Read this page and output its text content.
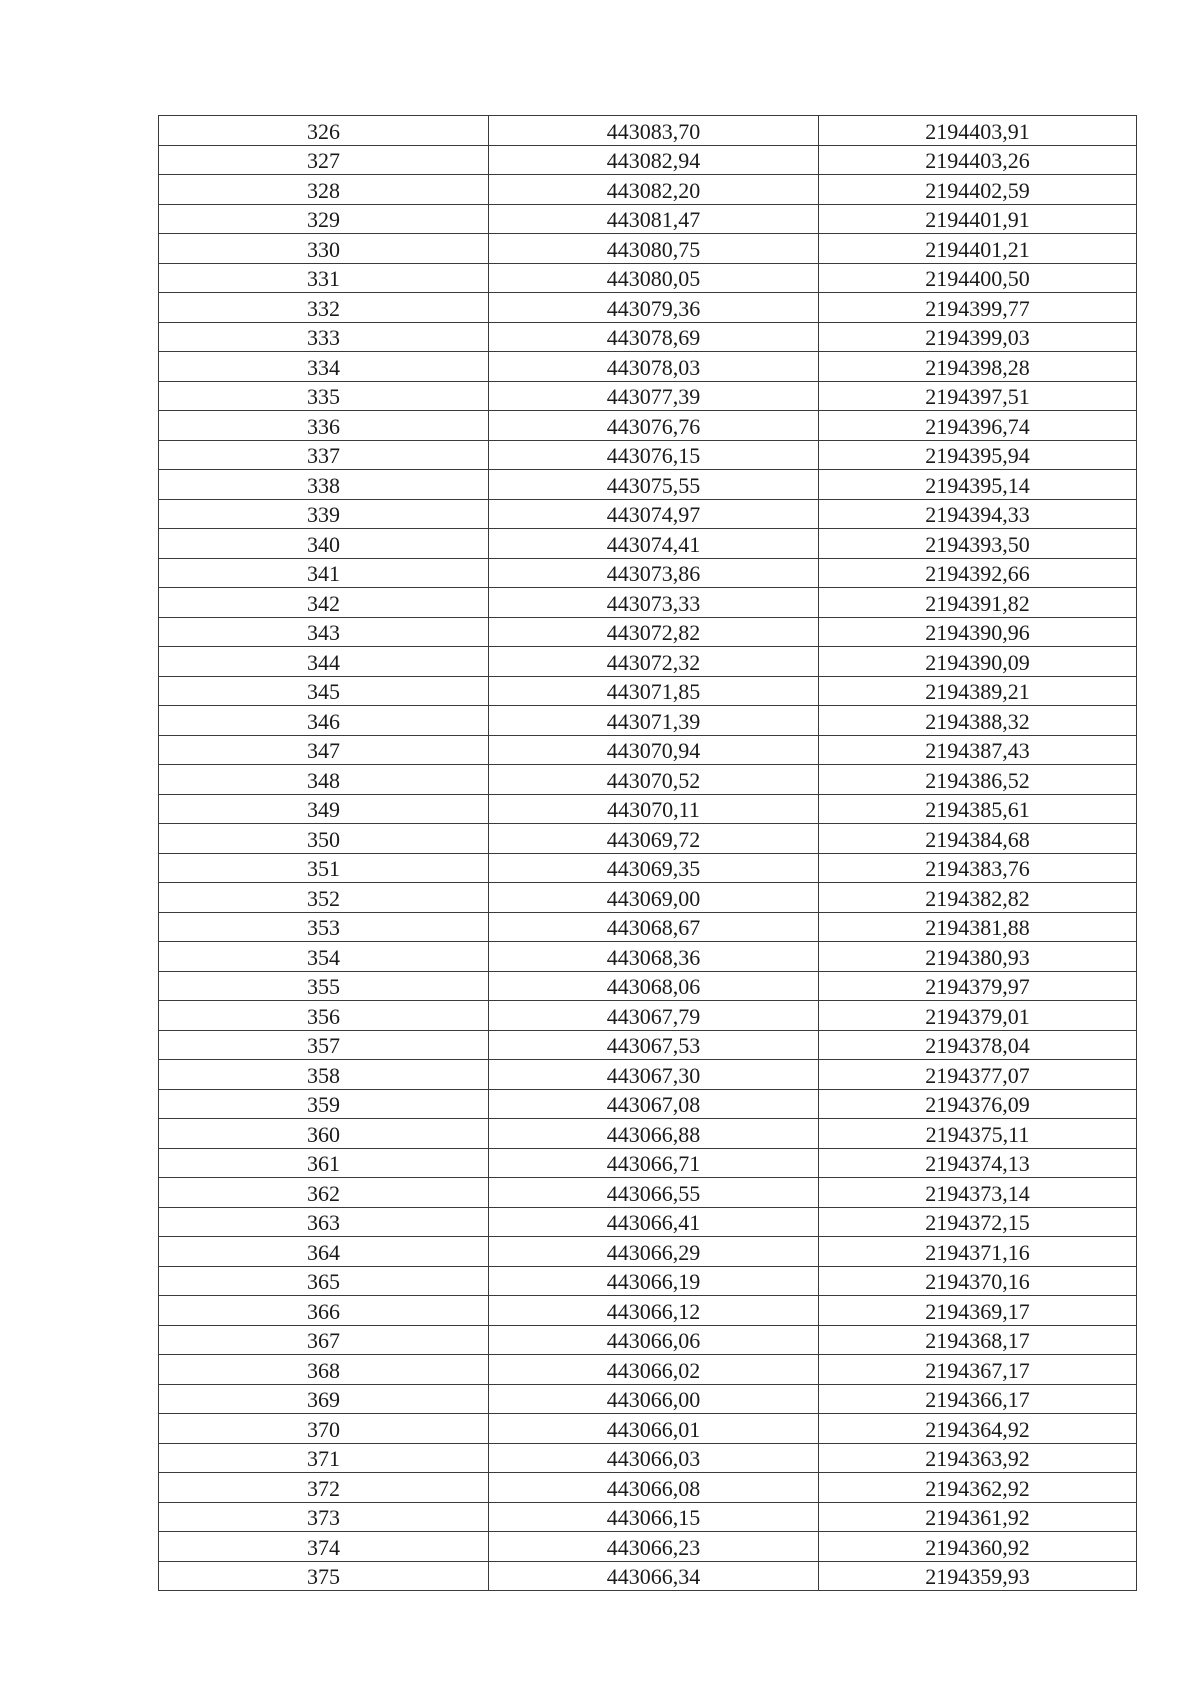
326	443083,70	2194403,91
327	443082,94	2194403,26
328	443082,20	2194402,59
329	443081,47	2194401,91
330	443080,75	2194401,21
331	443080,05	2194400,50
332	443079,36	2194399,77
333	443078,69	2194399,03
334	443078,03	2194398,28
335	443077,39	2194397,51
336	443076,76	2194396,74
337	443076,15	2194395,94
338	443075,55	2194395,14
339	443074,97	2194394,33
340	443074,41	2194393,50
341	443073,86	2194392,66
342	443073,33	2194391,82
343	443072,82	2194390,96
344	443072,32	2194390,09
345	443071,85	2194389,21
346	443071,39	2194388,32
347	443070,94	2194387,43
348	443070,52	2194386,52
349	443070,11	2194385,61
350	443069,72	2194384,68
351	443069,35	2194383,76
352	443069,00	2194382,82
353	443068,67	2194381,88
354	443068,36	2194380,93
355	443068,06	2194379,97
356	443067,79	2194379,01
357	443067,53	2194378,04
358	443067,30	2194377,07
359	443067,08	2194376,09
360	443066,88	2194375,11
361	443066,71	2194374,13
362	443066,55	2194373,14
363	443066,41	2194372,15
364	443066,29	2194371,16
365	443066,19	2194370,16
366	443066,12	2194369,17
367	443066,06	2194368,17
368	443066,02	2194367,17
369	443066,00	2194366,17
370	443066,01	2194364,92
371	443066,03	2194363,92
372	443066,08	2194362,92
373	443066,15	2194361,92
374	443066,23	2194360,92
375	443066,34	2194359,93
